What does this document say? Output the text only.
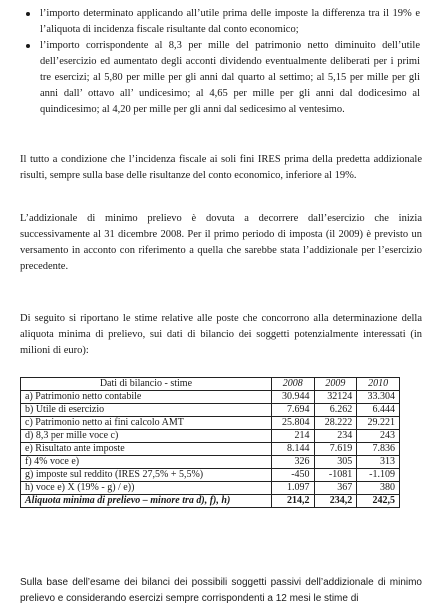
l’importo determinato applicando all’utile prima delle imposte la differenza tra il 19% e l’aliquota di incidenza fiscale risultante dal conto economico;
l’importo corrispondente al 8,3 per mille del patrimonio netto diminuito dell’utile dell’esercizio ed aumentato degli acconti dividendo eventualmente deliberati per i primi tre esercizi; al 5,80 per mille per gli anni dal quarto al settimo; al 5,15 per mille per gli anni dall’ ottavo all’ undicesimo; al 4,65 per mille per gli anni dal dodicesimo al quindicesimo; al 4,20 per mille per gli anni dal sedicesimo al ventesimo.

Il tutto a condizione che l’incidenza fiscale ai soli fini IRES prima della predetta addizionale risulti, sempre sulla base delle risultanze del conto economico, inferiore al 19%.

L’addizionale di minimo prelievo è dovuta a decorrere dall’esercizio che inizia successivamente al 31 dicembre 2008. Per il primo periodo di imposta (il 2009) è previsto un versamento in acconto con riferimento a quella che sarebbe stata l’addizionale per l’esercizio precedente.

Di seguito si riportano le stime relative alle poste che concorrono alla determinazione della aliquota minima di prelievo, sui dati di bilancio dei soggetti potenzialmente interessati (in milioni di euro):

Dati di bilancio - stime	2008	2009	2010
a) Patrimonio netto contabile	30.944	32124	33.304
b) Utile di esercizio	7.694	6.262	6.444
c) Patrimonio netto ai fini calcolo AMT	25.804	28.222	29.221
d) 8,3 per mille voce c)	214	234	243
e) Risultato ante imposte	8.144	7.619	7.836
f) 4% voce e)	326	305	313
g) imposte sul reddito (IRES 27,5% + 5,5%)	-450	-1081	-1.109
h) voce e) X (19% - g) / e))	1.097	367	380
Aliquota minima di prelievo – minore tra d), f), h)	214,2	234,2	242,5

Sulla base dell’esame dei bilanci dei possibili soggetti passivi dell’addizionale di minimo prelievo e considerando esercizi sempre corrispondenti a 12 mesi le stime di
